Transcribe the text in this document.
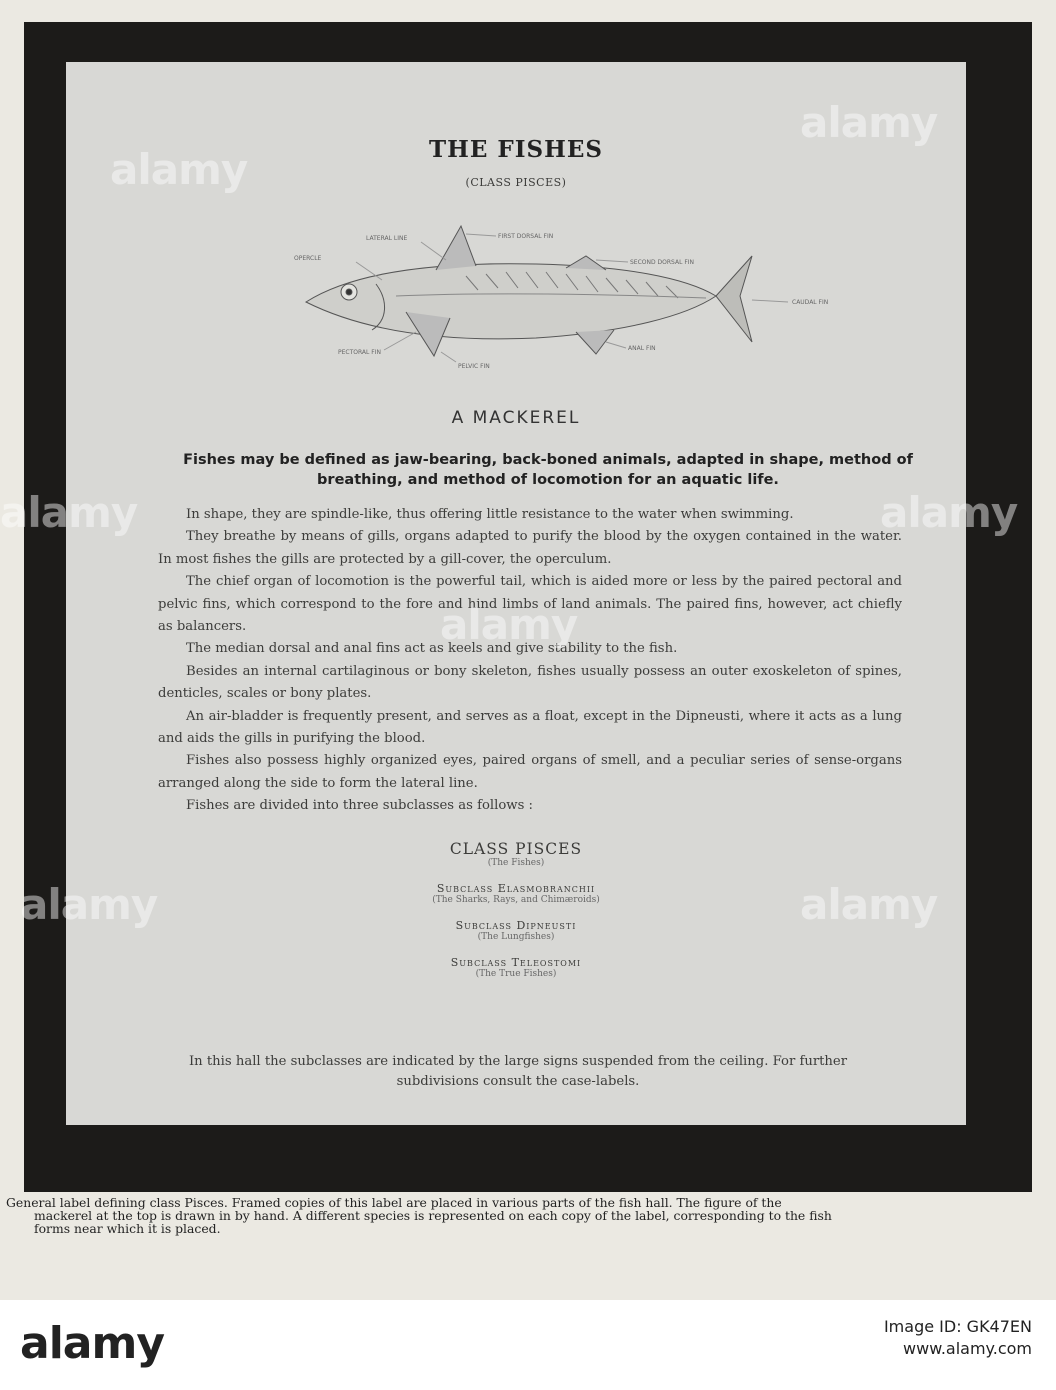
THE FISHES
(CLASS PISCES)
OPERCLE
LATERAL LINE	FIRST DORSAL FIN
SECOND DORSAL FIN
CAUDAL FIN
PECTORAL FIN
PELVIC FIN
ANAL FIN
A MACKEREL
Fishes may be defined as jaw-bearing, back-boned animals, adapted in shape, method of breathing, and method of locomotion for an aquatic life.

In shape, they are spindle-like, thus offering little resistance to the water when swimming.

They breathe by means of gills, organs adapted to purify the blood by the oxygen contained in the water. In most fishes the gills are protected by a gill-cover, the operculum.

The chief organ of locomotion is the powerful tail, which is aided more or less by the paired pectoral and pelvic fins, which correspond to the fore and hind limbs of land animals. The paired fins, however, act chiefly as balancers.

The median dorsal and anal fins act as keels and give stability to the fish.

Besides an internal cartilaginous or bony skeleton, fishes usually possess an outer exoskeleton of spines, denticles, scales or bony plates.

An air-bladder is frequently present, and serves as a float, except in the Dipneusti, where it acts as a lung and aids the gills in purifying the blood.

Fishes also possess highly organized eyes, paired organs of smell, and a peculiar series of sense-organs arranged along the side to form the lateral line.

Fishes are divided into three subclasses as follows :

CLASS PISCES
(The Fishes)
Subclass Elasmobranchii
(The Sharks, Rays, and Chimæroids)
Subclass Dipneusti
(The Lungfishes)
Subclass Teleostomi
(The True Fishes)
In this hall the subclasses are indicated by the large signs suspended from the ceiling. For further subdivisions consult the case-labels.
General label defining class Pisces. Framed copies of this label are placed in various parts of the fish hall. The figure of the
mackerel at the top is drawn in by hand. A different species is represented on each copy of the label, corresponding to the fish
forms near which it is placed.
alamy
alamy
alamy
alamy
alamy
alamy	alamy
alamy	Image ID: GK47EN
www.alamy.com
